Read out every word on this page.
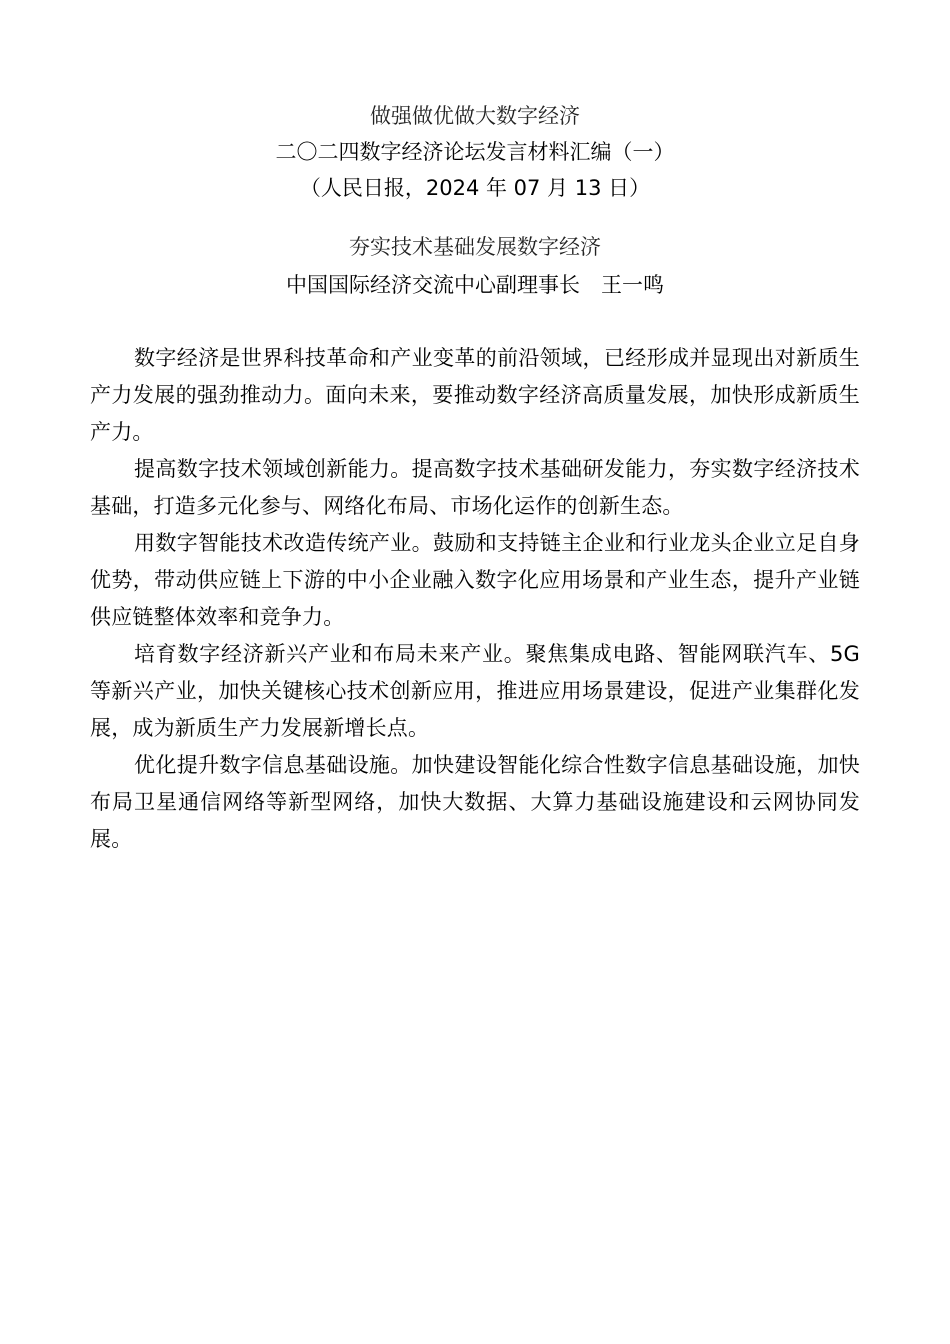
做强做优做大数字经济
二〇二四数字经济论坛发言材料汇编（一）
（人民日报，2024 年 07 月 13 日）
夯实技术基础发展数字经济
中国国际经济交流中心副理事长　王一鸣

数字经济是世界科技革命和产业变革的前沿领域，已经形成并显现出对新质生产力发展的强劲推动力。面向未来，要推动数字经济高质量发展，加快形成新质生产力。

提高数字技术领域创新能力。提高数字技术基础研发能力，夯实数字经济技术基础，打造多元化参与、网络化布局、市场化运作的创新生态。

用数字智能技术改造传统产业。鼓励和支持链主企业和行业龙头企业立足自身优势，带动供应链上下游的中小企业融入数字化应用场景和产业生态，提升产业链供应链整体效率和竞争力。

培育数字经济新兴产业和布局未来产业。聚焦集成电路、智能网联汽车、5G等新兴产业，加快关键核心技术创新应用，推进应用场景建设，促进产业集群化发展，成为新质生产力发展新增长点。

优化提升数字信息基础设施。加快建设智能化综合性数字信息基础设施，加快布局卫星通信网络等新型网络，加快大数据、大算力基础设施建设和云网协同发展。
